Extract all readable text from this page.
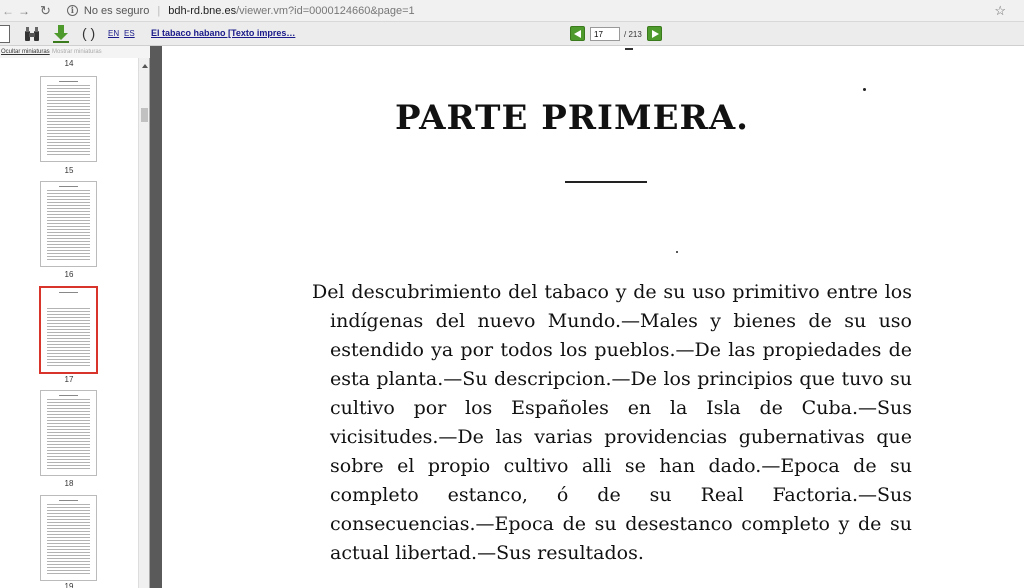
← → ↻	i No es seguro | bdh-rd.bne.es/viewer.vm?id=0000124660&page=1	☆
( ) EN ES El tabaco habano [Texto impres…
17	/ 213
Ocultar miniaturas Mostrar miniaturas
14
15
16
17
18
19
PARTE PRIMERA.

Del descubrimiento del tabaco y de su uso primitivo entre los indígenas del nuevo Mundo.—Males y bienes de su uso estendido ya por todos los pueblos.—De las propiedades de esta planta.—Su descripcion.—De los principios que tuvo su cultivo por los Españoles en la Isla de Cuba.—Sus vicisitudes.—De las varias providencias gubernativas que sobre el propio cultivo alli se han dado.—Epoca de su completo estanco, ó de su Real Factoria.—Sus consecuencias.—Epoca de su desestanco completo y de su actual libertad.—Sus resultados.
